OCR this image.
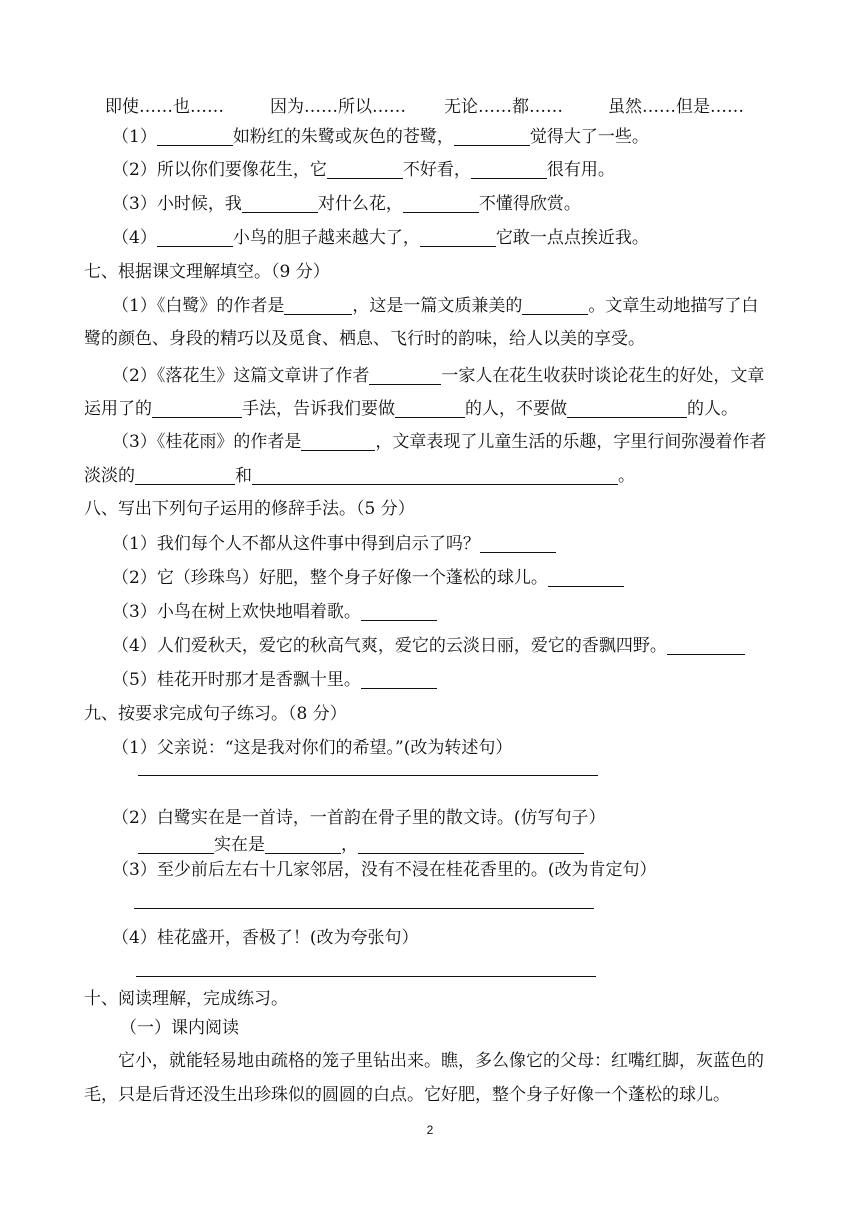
即使……也……	因为……所以…… 无论……都……	虽然……但是……
（1）	如粉红的朱鹭或灰色的苍鹭，	觉得大了一些。
（2）所以你们要像花生，它	不好看，	很有用。
（3）小时候，我	对什么花，	不懂得欣赏。
（4）	小鸟的胆子越来越大了，	它敢一点点挨近我。
七、根据课文理解填空。（9 分）
（1）《白鹭》的作者是	，这是一篇文质兼美的	。文章生动地描写了白
鹭的颜色、身段的精巧以及觅食、栖息、飞行时的韵味，给人以美的享受。
（2）《落花生》这篇文章讲了作者	一家人在花生收获时谈论花生的好处，文章
运用了的	手法，告诉我们要做	的人，不要做	的人。
（3）《桂花雨》的作者是	，文章表现了儿童生活的乐趣，字里行间弥漫着作者
淡淡的	和	。
八、写出下列句子运用的修辞手法。（5 分）
（1）我们每个人不都从这件事中得到启示了吗？
（2）它（珍珠鸟）好肥，整个身子好像一个蓬松的球儿。
（3）小鸟在树上欢快地唱着歌。
（4）人们爱秋天，爱它的秋高气爽，爱它的云淡日丽，爱它的香飘四野。
（5）桂花开时那才是香飘十里。
九、按要求完成句子练习。（8 分）
（1）父亲说：“这是我对你们的希望。”(改为转述句）
（2）白鹭实在是一首诗，一首韵在骨子里的散文诗。(仿写句子）
实在是	，
（3）至少前后左右十几家邻居，没有不浸在桂花香里的。(改为肯定句）
（4）桂花盛开，香极了！(改为夸张句）
十、阅读理解，完成练习。
（一）课内阅读
它小，就能轻易地由疏格的笼子里钻出来。瞧，多么像它的父母：红嘴红脚，灰蓝色的
毛，只是后背还没生出珍珠似的圆圆的白点。它好肥，整个身子好像一个蓬松的球儿。
2
